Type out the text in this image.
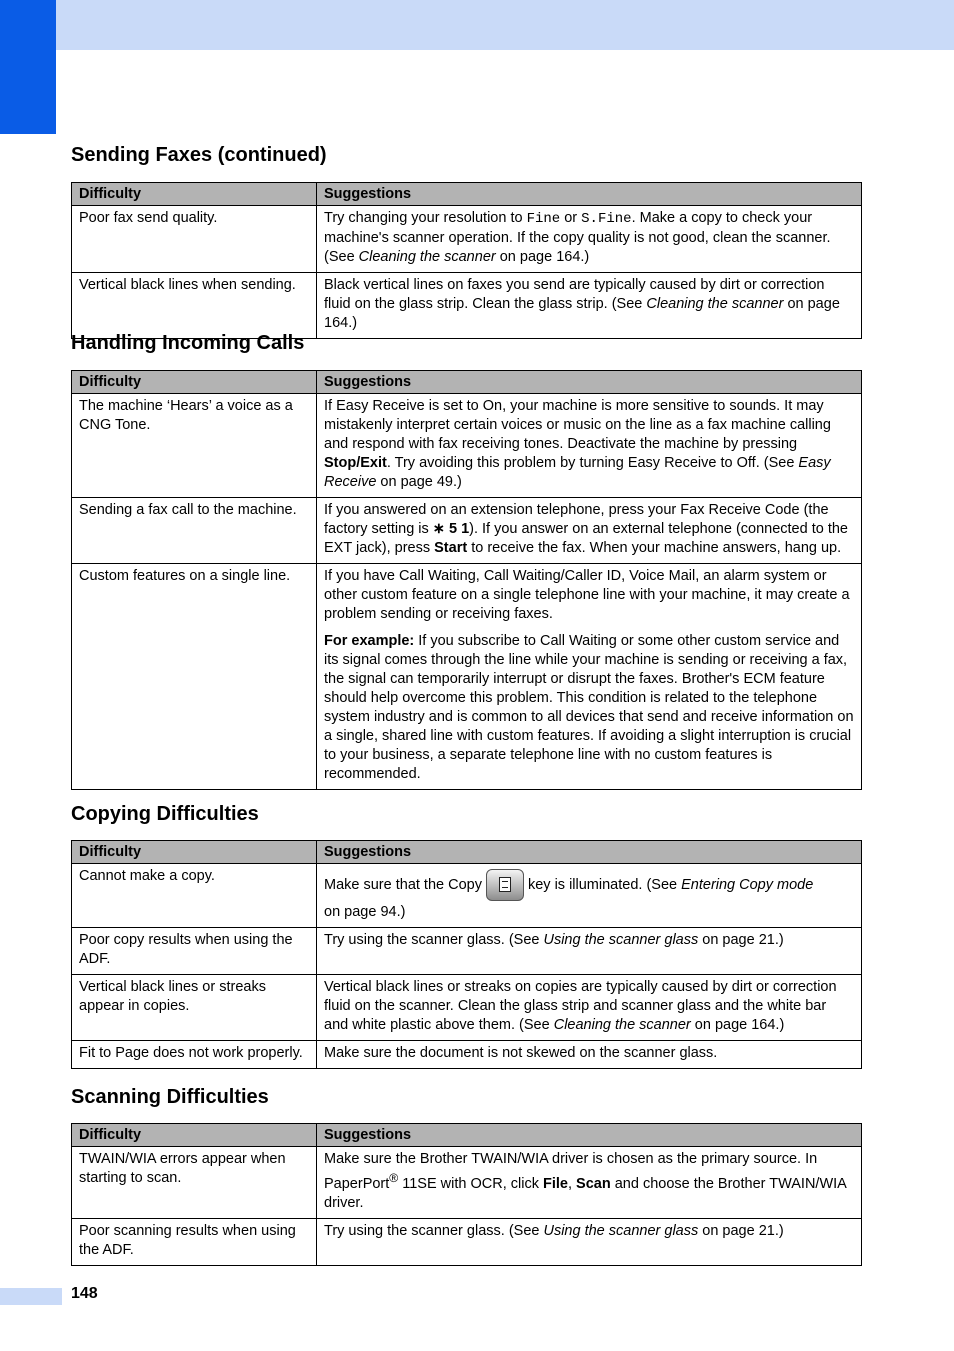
Sending Faxes (continued)
Difficulty	Suggestions
Poor fax send quality.	Try changing your resolution to Fine or S.Fine. Make a copy to check your machine's scanner operation. If the copy quality is not good, clean the scanner. (See Cleaning the scanner on page 164.)
Vertical black lines when sending.	Black vertical lines on faxes you send are typically caused by dirt or correction fluid on the glass strip. Clean the glass strip. (See Cleaning the scanner on page 164.)
Handling Incoming Calls
Difficulty	Suggestions
The machine ‘Hears’ a voice as a CNG Tone.	If Easy Receive is set to On, your machine is more sensitive to sounds. It may mistakenly interpret certain voices or music on the line as a fax machine calling and respond with fax receiving tones. Deactivate the machine by pressing Stop/Exit. Try avoiding this problem by turning Easy Receive to Off. (See Easy Receive on page 49.)
Sending a fax call to the machine.	If you answered on an extension telephone, press your Fax Receive Code (the factory setting is ∗ 5 1). If you answer on an external telephone (connected to the EXT jack), press Start to receive the fax. When your machine answers, hang up.
Custom features on a single line.	If you have Call Waiting, Call Waiting/Caller ID, Voice Mail, an alarm system or other custom feature on a single telephone line with your machine, it may create a problem sending or receiving faxes.
For example: If you subscribe to Call Waiting or some other custom service and its signal comes through the line while your machine is sending or receiving a fax, the signal can temporarily interrupt or disrupt the faxes. Brother's ECM feature should help overcome this problem. This condition is related to the telephone system industry and is common to all devices that send and receive information on a single, shared line with custom features. If avoiding a slight interruption is crucial to your business, a separate telephone line with no custom features is recommended.
Copying Difficulties
Difficulty	Suggestions
Cannot make a copy.	Make sure that the Copy key is illuminated. (See Entering Copy mode
on page 94.)
Poor copy results when using the ADF.	Try using the scanner glass. (See Using the scanner glass on page 21.)
Vertical black lines or streaks appear in copies.	Vertical black lines or streaks on copies are typically caused by dirt or correction fluid on the scanner. Clean the glass strip and scanner glass and the white bar and white plastic above them. (See Cleaning the scanner on page 164.)
Fit to Page does not work properly.	Make sure the document is not skewed on the scanner glass.
Scanning Difficulties
Difficulty	Suggestions
TWAIN/WIA errors appear when starting to scan.	Make sure the Brother TWAIN/WIA driver is chosen as the primary source. In PaperPort® 11SE with OCR, click File, Scan and choose the Brother TWAIN/WIA driver.
Poor scanning results when using the ADF.	Try using the scanner glass. (See Using the scanner glass on page 21.)
148
